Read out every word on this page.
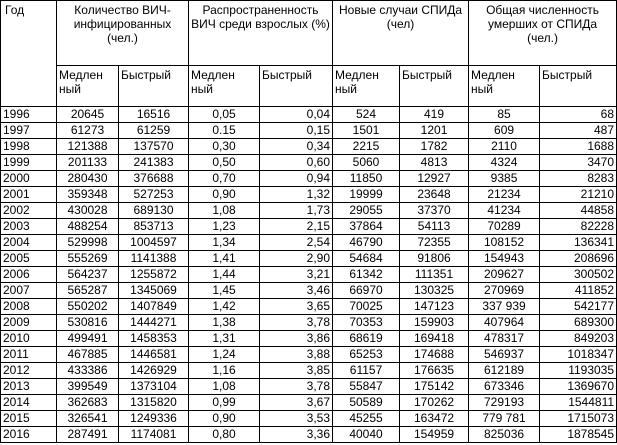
Год	Количество ВИЧ-инфицированных (чел.)		Распространенность ВИЧ среди взрослых (%)		Новые случаи СПИДа (чел)		Общая численность умерших от СПИДа (чел.)	
	Медлен ный	Быстрый	Медлен ный	Быстрый	Медлен ный	Быстрый	Медлен ный	Быстрый
1996	20645	16516	0,05	0,04	524	419	85	68
1997	61273	61259	0.15	0,15	1501	1201	609	487
1998	121388	137570	0,30	0,34	2215	1782	2110	1688
1999	201133	241383	0,50	0,60	5060	4813	4324	3470
2000	280430	376688	0,70	0,94	11850	12927	9385	8283
2001	359348	527253	0,90	1,32	19999	23648	21234	21210
2002	430028	689130	1,08	1,73	29055	37370	41234	44858
2003	488254	853713	1,23	2,15	37864	54113	70289	82228
2004	529998	1004597	1,34	2,54	46790	72355	108152	136341
2005	555269	1141388	1,41	2,90	54684	91806	154943	208696
2006	564237	1255872	1,44	3,21	61342	111351	209627	300502
2007	565287	1345069	1,45	3,46	66970	130325	270969	411852
2008	550202	1407849	1,42	3,65	70025	147123	337 939	542177
2009	530816	1444271	1,38	3,78	70353	159903	407964	689300
2010	499491	1458353	1,31	3,86	68619	169418	478317	849203
2011	467885	1446581	1,24	3,88	65253	174688	546937	1018347
2012	433386	1426929	1,16	3,85	61157	176635	612189	1193035
2013	399549	1373104	1,08	3,78	55847	175142	673346	1369670
2014	362683	1315820	0,99	3,67	50589	170262	729193	1544811
2015	326541	1249336	0,90	3,53	45255	163472	779 781	1715073
2016	287491	1174081	0,80	3,36	40040	154959	825036	1878545
